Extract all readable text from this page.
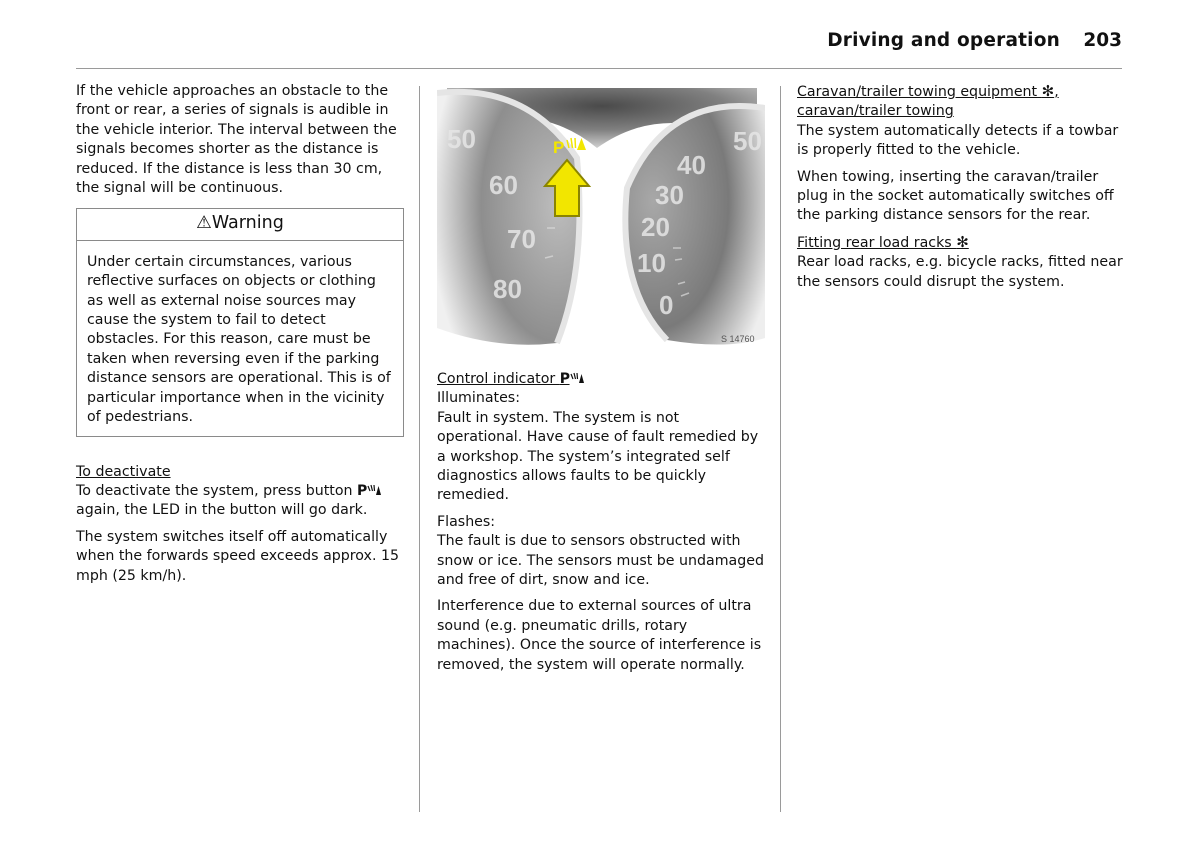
Driving and operation 203

If the vehicle approaches an obstacle to the front or rear, a series of signals is audible in the vehicle interior. The interval between the signals becomes shorter as the distance is reduced. If the distance is less than 30 cm, the signal will be continuous.

⚠Warning
Under certain circumstances, various reflective surfaces on objects or clothing as well as external noise sources may cause the system to fail to detect obstacles. For this reason, care must be taken when reversing even if the parking distance sensors are operational. This is of particular importance when in the vicinity of pedestrians.
To deactivate

To deactivate the system, press button P again, the LED in the button will go dark.

The system switches itself off automatically when the forwards speed exceeds approx. 15 mph (25 km/h).

50
60
70
80
50
40
30
20
10
0
P
S 14760
Control indicator P

Illuminates:

Fault in system. The system is not operational. Have cause of fault remedied by a workshop. The system’s integrated self diagnostics allows faults to be quickly remedied.

Flashes:

The fault is due to sensors obstructed with snow or ice. The sensors must be undamaged and free of dirt, snow and ice.

Interference due to external sources of ultra sound (e.g. pneumatic drills, rotary machines). Once the source of interference is removed, the system will operate normally.

Caravan/trailer towing equipment ✻,
caravan/trailer towing

The system automatically detects if a towbar is properly fitted to the vehicle.

When towing, inserting the caravan/trailer plug in the socket automatically switches off the parking distance sensors for the rear.

Fitting rear load racks ✻

Rear load racks, e.g. bicycle racks, fitted near the sensors could disrupt the system.
